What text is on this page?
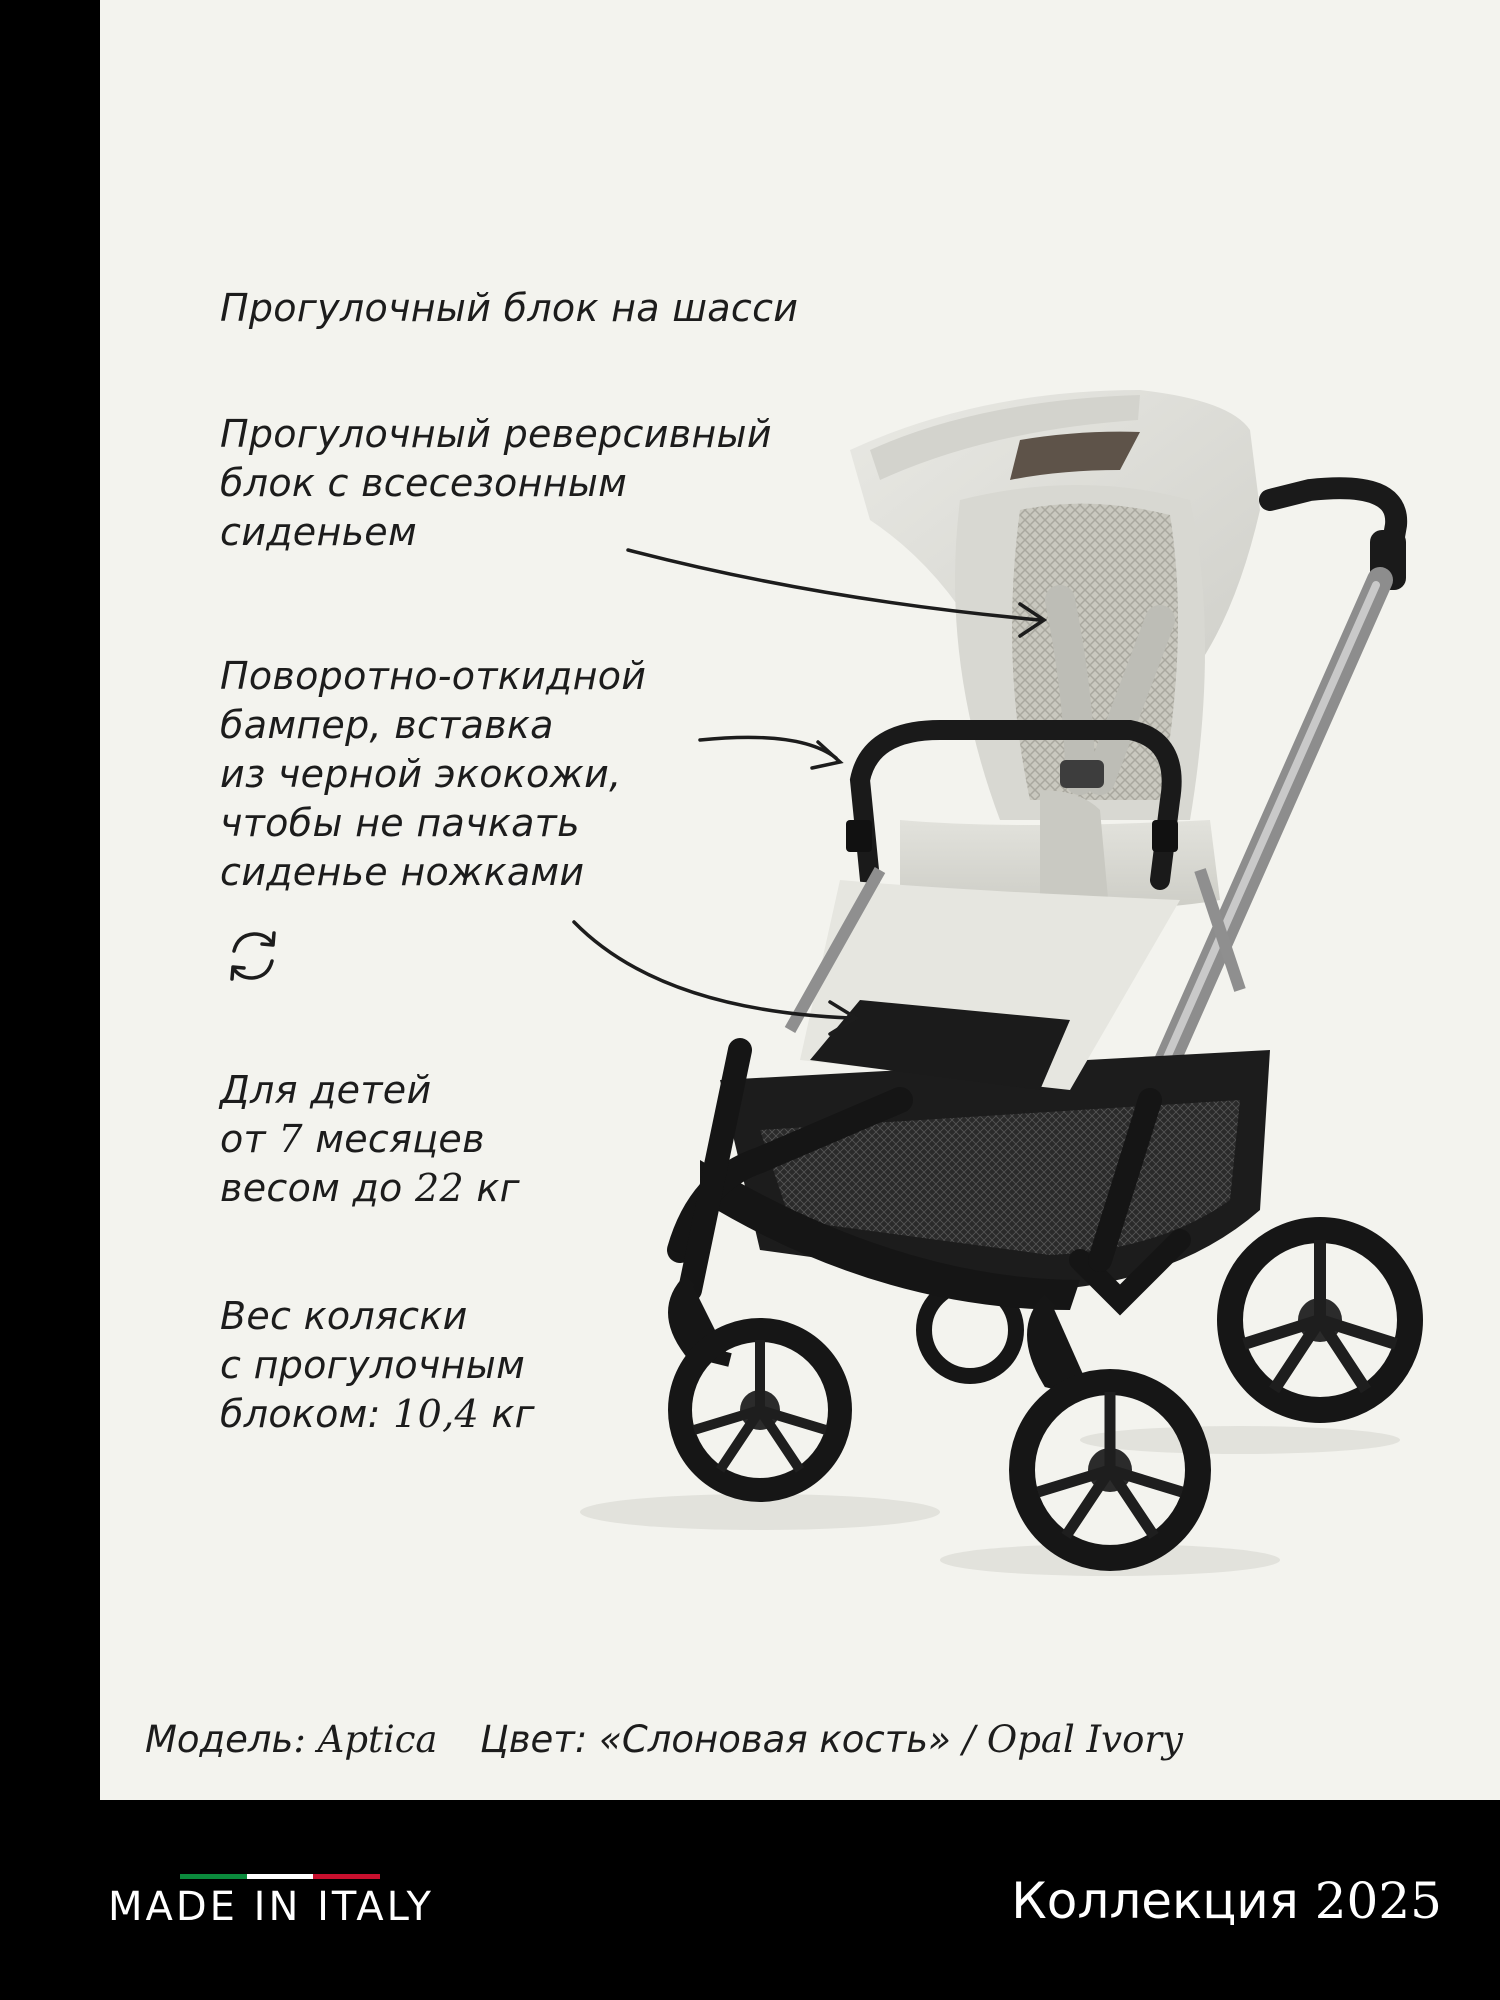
Прогулочный блок на шасси
Прогулочный реверсивный
блок с всесезонным
сиденьем
Поворотно-откидной
бампер, вставка
из черной экокожи,
чтобы не пачкать
сиденье ножками
Для детей
от 7 месяцев
весом до 22 кг
Вес коляски
с прогулочным
блоком: 10,4 кг
Модель: Aptica Цвет: «Слоновая кость» / Opal Ivory
MADE IN ITALY	Коллекция 2025
